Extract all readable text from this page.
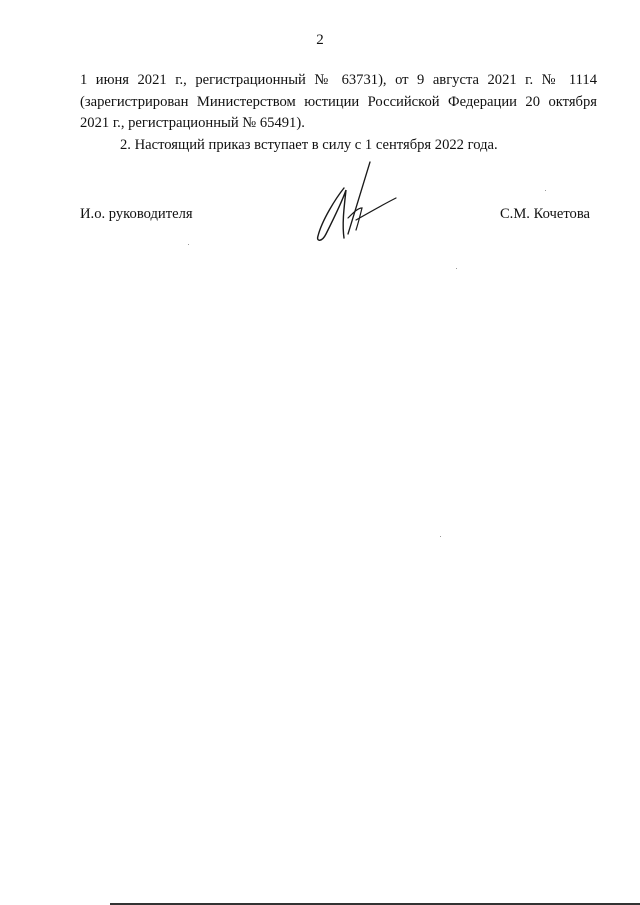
2

1 июня 2021 г., регистрационный № 63731), от 9 августа 2021 г. № 1114
(зарегистрирован Министерством юстиции Российской Федерации 20 октября
2021 г., регистрационный № 65491).

2. Настоящий приказ вступает в силу с 1 сентября 2022 года.

И.о. руководителя	С.М. Кочетова
